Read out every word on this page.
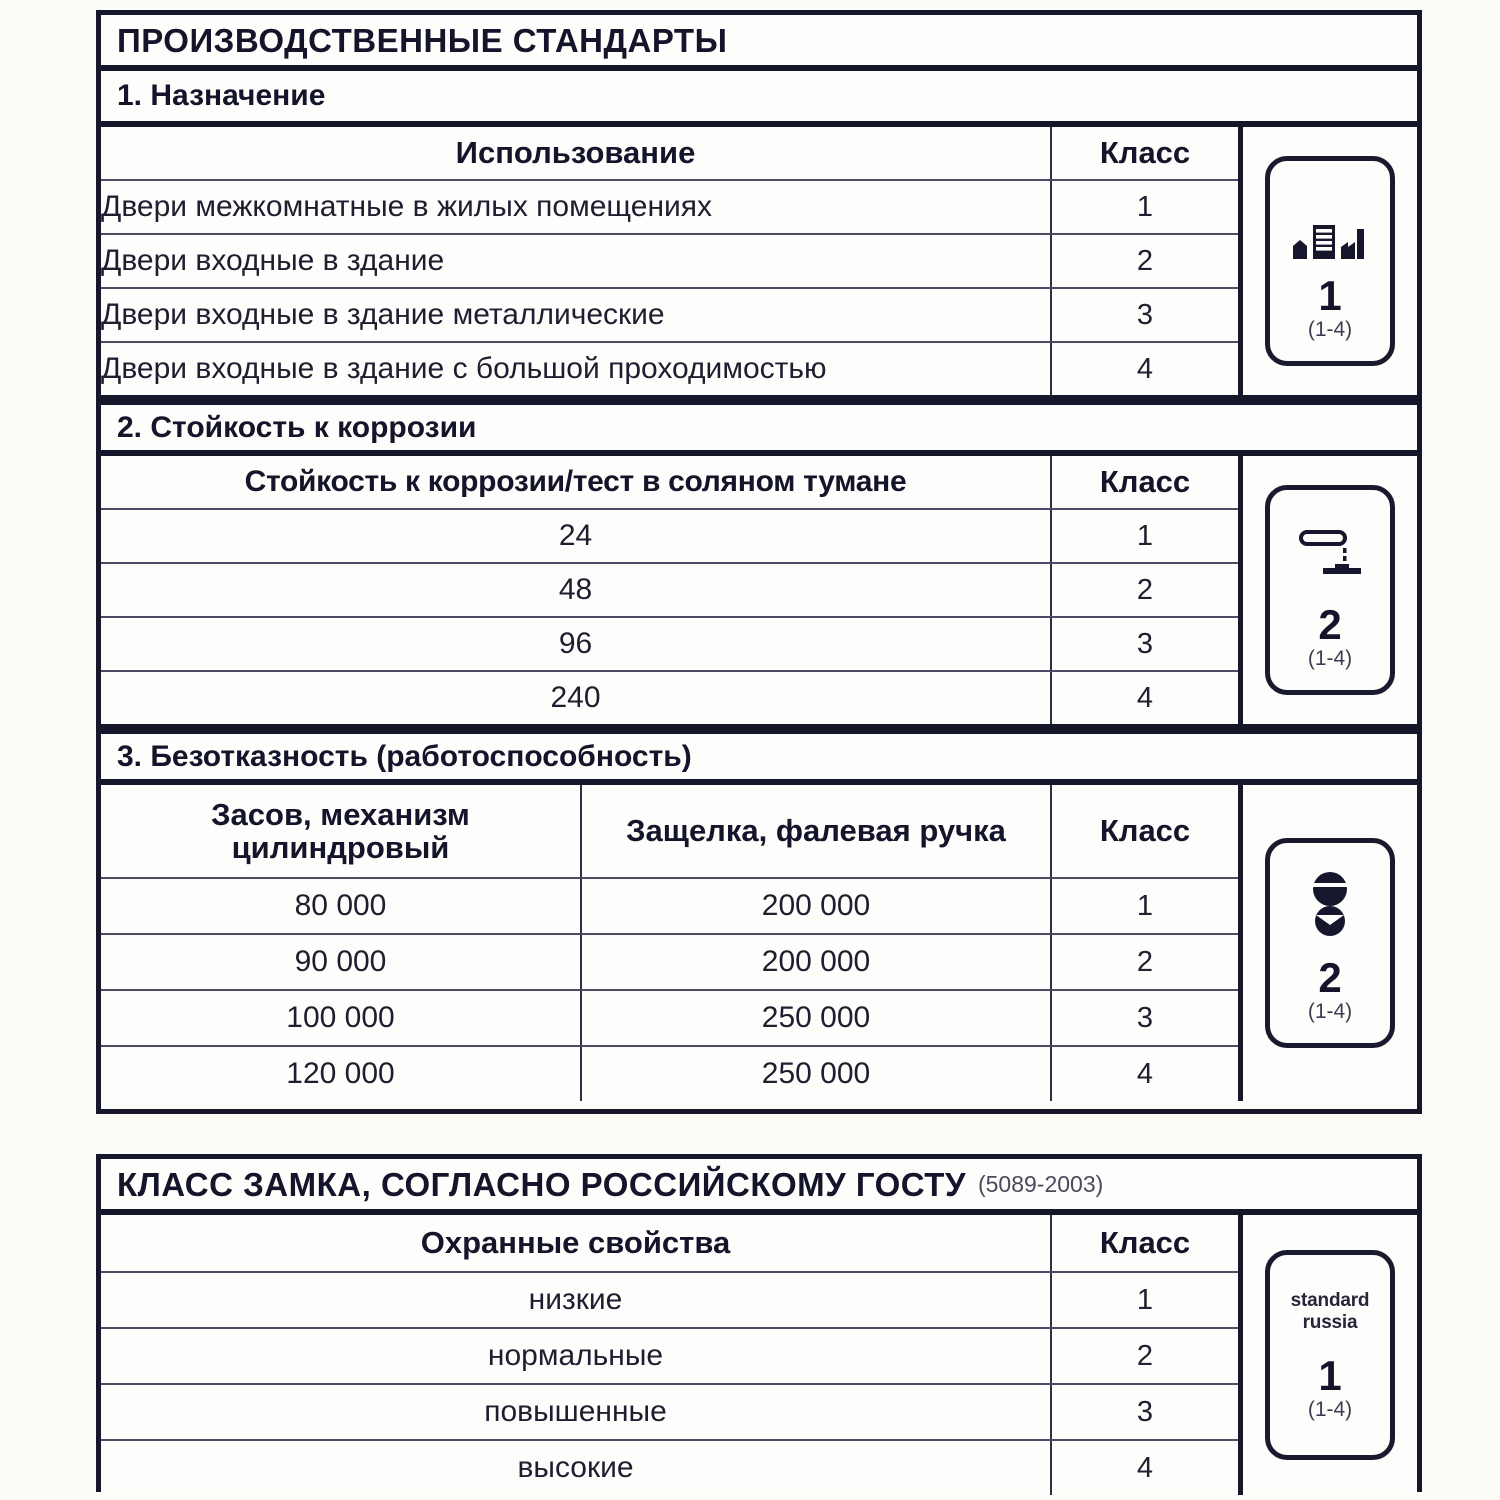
ПРОИЗВОДСТВЕННЫЕ СТАНДАРТЫ
1. Назначение
Использование	Класс
Двери межкомнатные в жилых помещениях	1
Двери входные в здание	2
Двери входные в здание металлические	3
Двери входные в здание с большой проходимостью	4
1
(1-4)
2. Стойкость к коррозии
Стойкость к коррозии/тест в соляном тумане	Класс
24	1
48	2
96	3
240	4
2
(1-4)
3. Безотказность (работоспособность)
Засов, механизм цилиндровый	Защелка, фалевая ручка	Класс
80 000	200 000	1
90 000	200 000	2
100 000	250 000	3
120 000	250 000	4
2
(1-4)
КЛАСС ЗАМКА, СОГЛАСНО РОССИЙСКОМУ ГОСТУ (5089-2003)
Охранные свойства	Класс
низкие	1
нормальные	2
повышенные	3
высокие	4
standard
russia
1
(1-4)
